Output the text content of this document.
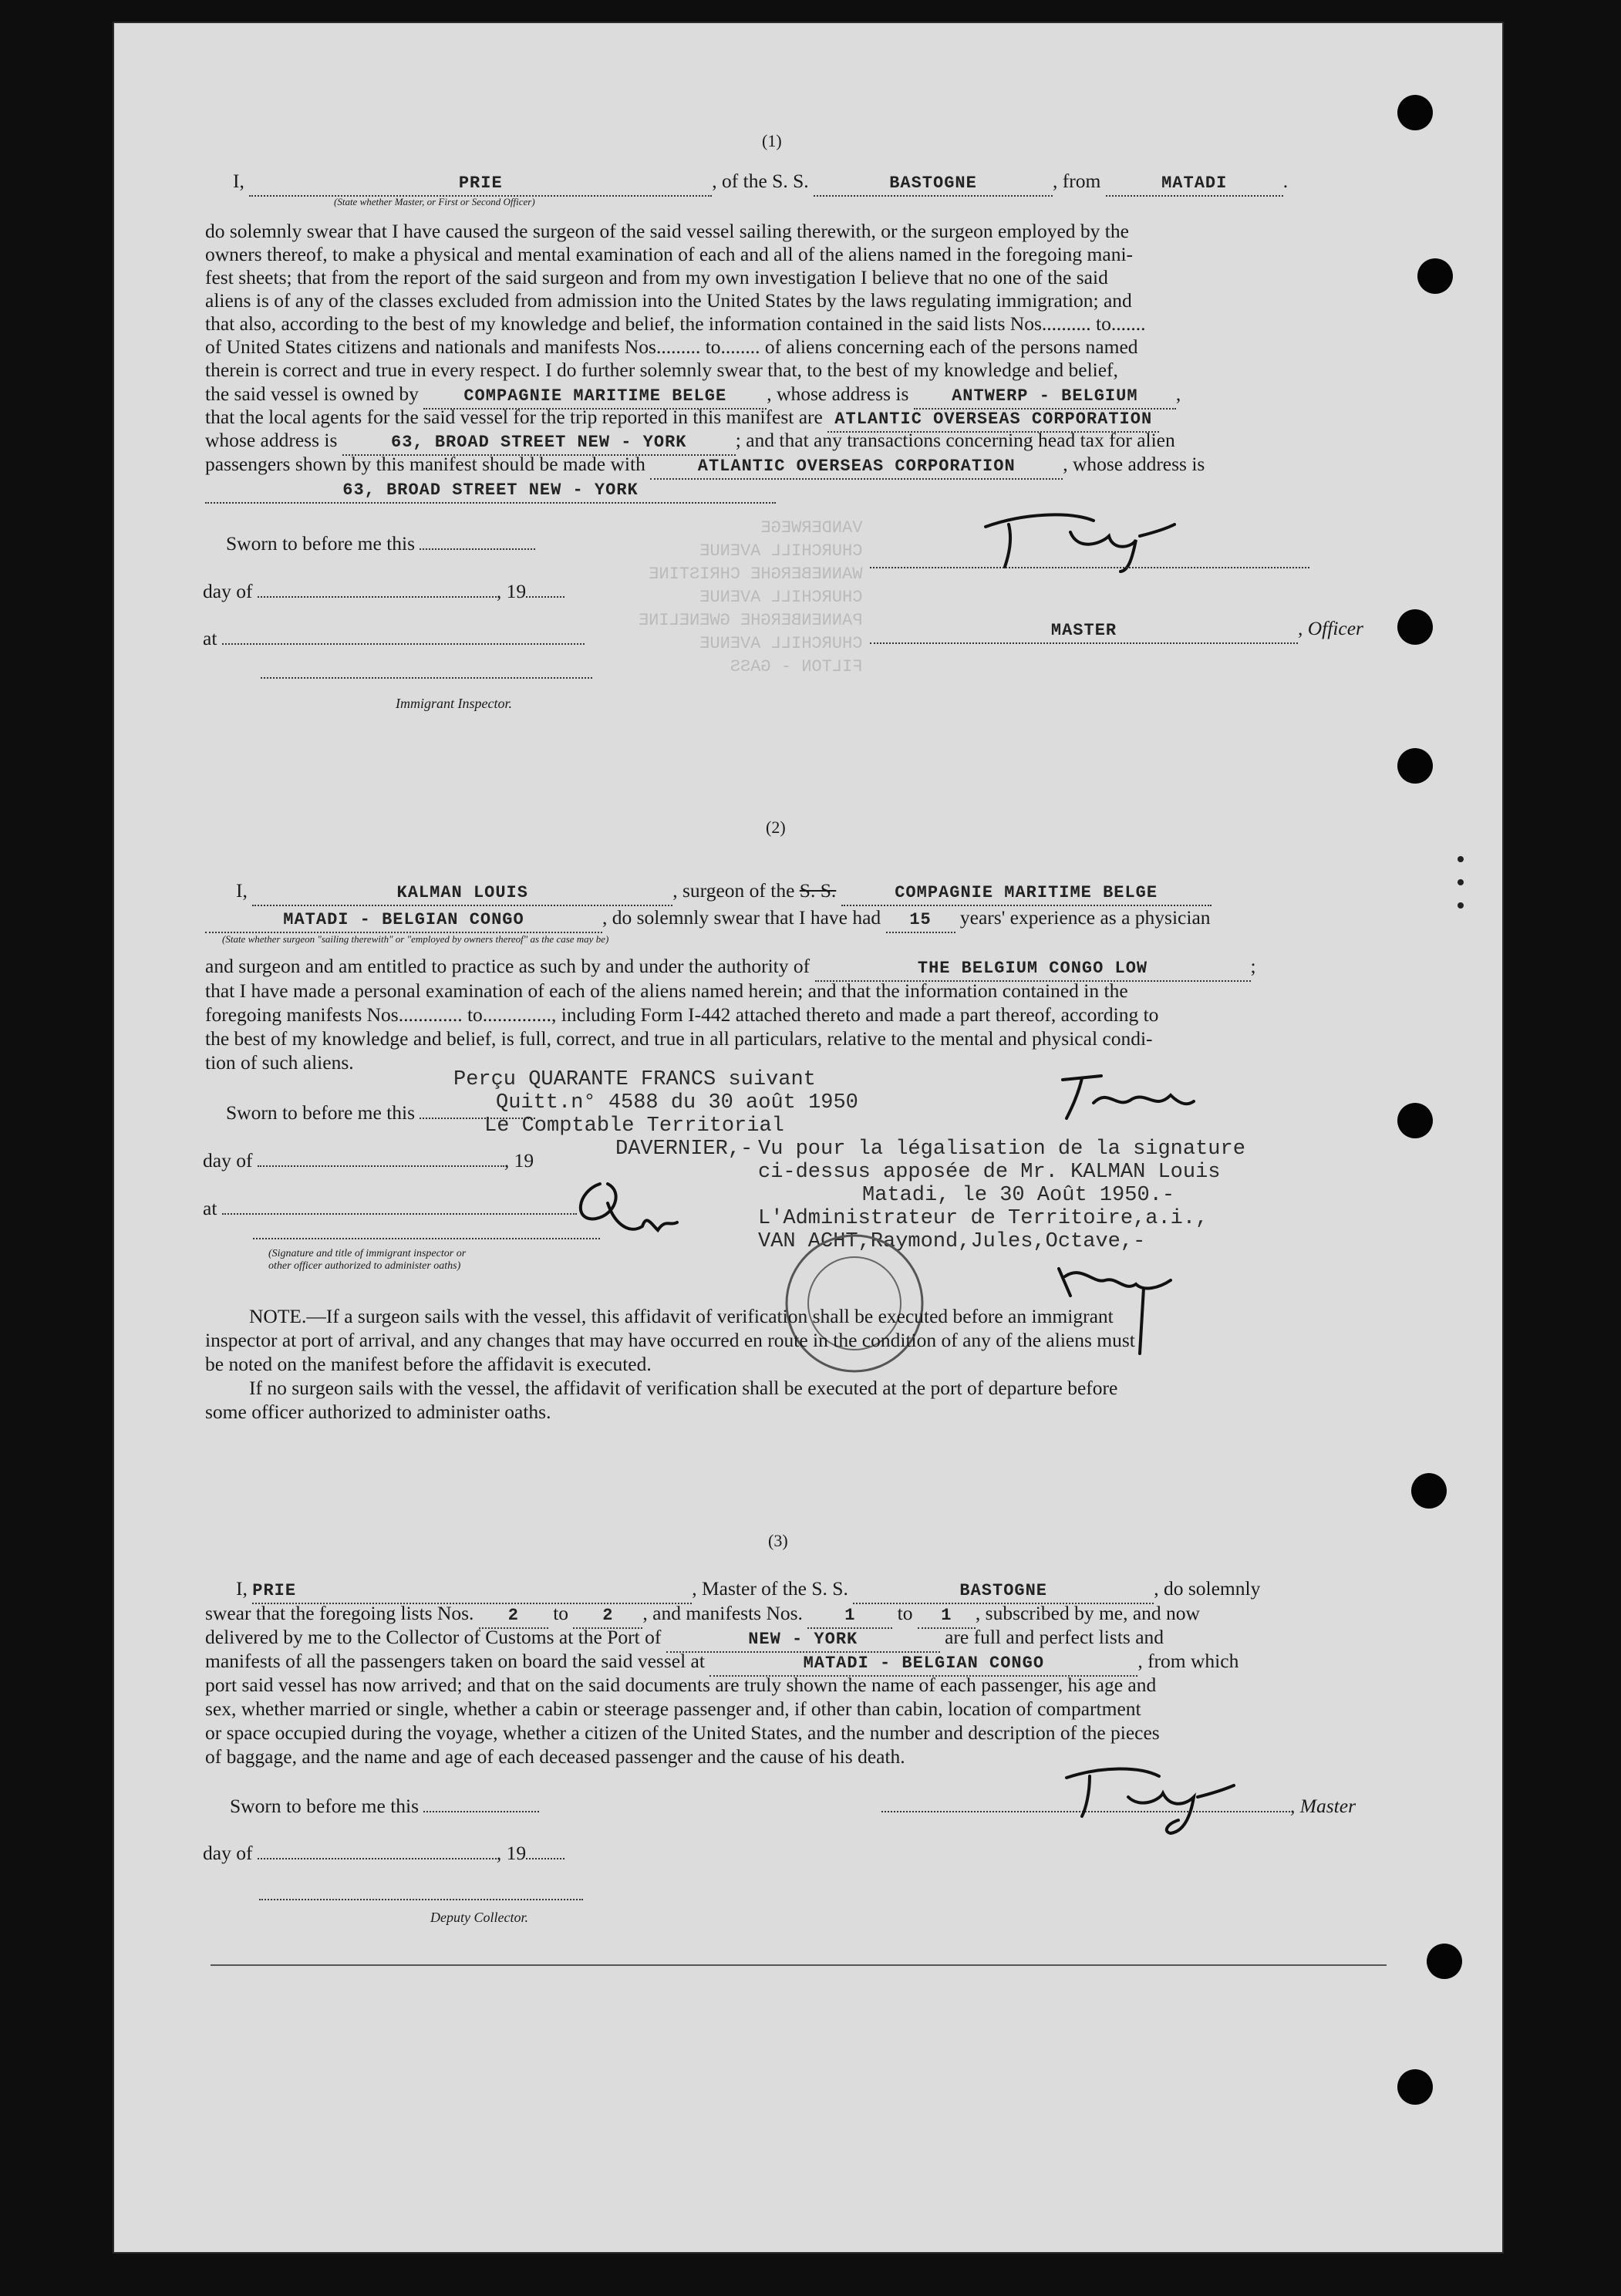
VANDERWEGE
CHURCHILL AVENUE
WANNEBERGHE CHRISTINE
CHURCHILL AVENUE
PANNENBERGHE GWENELINE
CHURCHILL AVENUE
FILTON - GASS
(1)
I,	PRIE	, of the S. S.	BASTOGNE	, from	MATADI	.
(State whether Master, or First or Second Officer)
do solemnly swear that I have caused the surgeon of the said vessel sailing therewith, or the surgeon employed by the
owners thereof, to make a physical and mental examination of each and all of the aliens named in the foregoing mani-
fest sheets; that from the report of the said surgeon and from my own investigation I believe that no one of the said
aliens is of any of the classes excluded from admission into the United States by the laws regulating immigration; and
that also, according to the best of my knowledge and belief, the information contained in the said lists Nos.......... to.......
of United States citizens and nationals and manifests Nos......... to........ of aliens concerning each of the persons named
therein is correct and true in every respect. I do further solemnly swear that, to the best of my knowledge and belief,
the said vessel is owned by	COMPAGNIE MARITIME BELGE , whose address is	ANTWERP - BELGIUM ,
that the local agents for the said vessel for the trip reported in this manifest are ATLANTIC OVERSEAS CORPORATION
whose address is	63, BROAD STREET NEW - YORK ; and that any transactions concerning head tax for alien
passengers shown by this manifest should be made with	ATLANTIC OVERSEAS CORPORATION , whose address is
63, BROAD STREET NEW - YORK
Sworn to before me this
day of	, 19
at
Immigrant Inspector.
MASTER	, Officer
(2)
I,	KALMAN LOUIS	, surgeon of the S. S.	COMPAGNIE MARITIME BELGE
MATADI - BELGIAN CONGO	, do solemnly swear that I have had 15 years' experience as a physician
(State whether surgeon "sailing therewith" or "employed by owners thereof" as the case may be)
and surgeon and am entitled to practice as such by and under the authority of	THE BELGIUM CONGO LOW	;
that I have made a personal examination of each of the aliens named herein; and that the information contained in the
foregoing manifests Nos............. to.............., including Form I-442 attached thereto and made a part thereof, according to
the best of my knowledge and belief, is full, correct, and true in all particulars, relative to the mental and physical condi-
tion of such aliens.
Perçu QUARANTE FRANCS suivant
Quitt.n° 4588 du 30 août 1950
Le Comptable Territorial
DAVERNIER,-
Sworn to before me this
day of	, 19
at
(Signature and title of immigrant inspector or
other officer authorized to administer oaths)
Vu pour la légalisation de la signature
ci-dessus apposée de Mr. KALMAN Louis
Matadi, le 30 Août 1950.-
L'Administrateur de Territoire,a.i.,
VAN ACHT,Raymond,Jules,Octave,-
NOTE.—If a surgeon sails with the vessel, this affidavit of verification shall be executed before an immigrant
inspector at port of arrival, and any changes that may have occurred en route in the condition of any of the aliens must
be noted on the manifest before the affidavit is executed.
If no surgeon sails with the vessel, the affidavit of verification shall be executed at the port of departure before
some officer authorized to administer oaths.
(3)
I, PRIE	, Master of the S. S.	BASTOGNE	, do solemnly
swear that the foregoing lists Nos. 2 to 2 , and manifests Nos. 1 to 1 , subscribed by me, and now
delivered by me to the Collector of Customs at the Port of	NEW - YORK	are full and perfect lists and
manifests of all the passengers taken on board the said vessel at	MATADI - BELGIAN CONGO	, from which
port said vessel has now arrived; and that on the said documents are truly shown the name of each passenger, his age and
sex, whether married or single, whether a cabin or steerage passenger and, if other than cabin, location of compartment
or space occupied during the voyage, whether a citizen of the United States, and the number and description of the pieces
of baggage, and the name and age of each deceased passenger and the cause of his death.
Sworn to before me this	, Master
day of	, 19
Deputy Collector.
